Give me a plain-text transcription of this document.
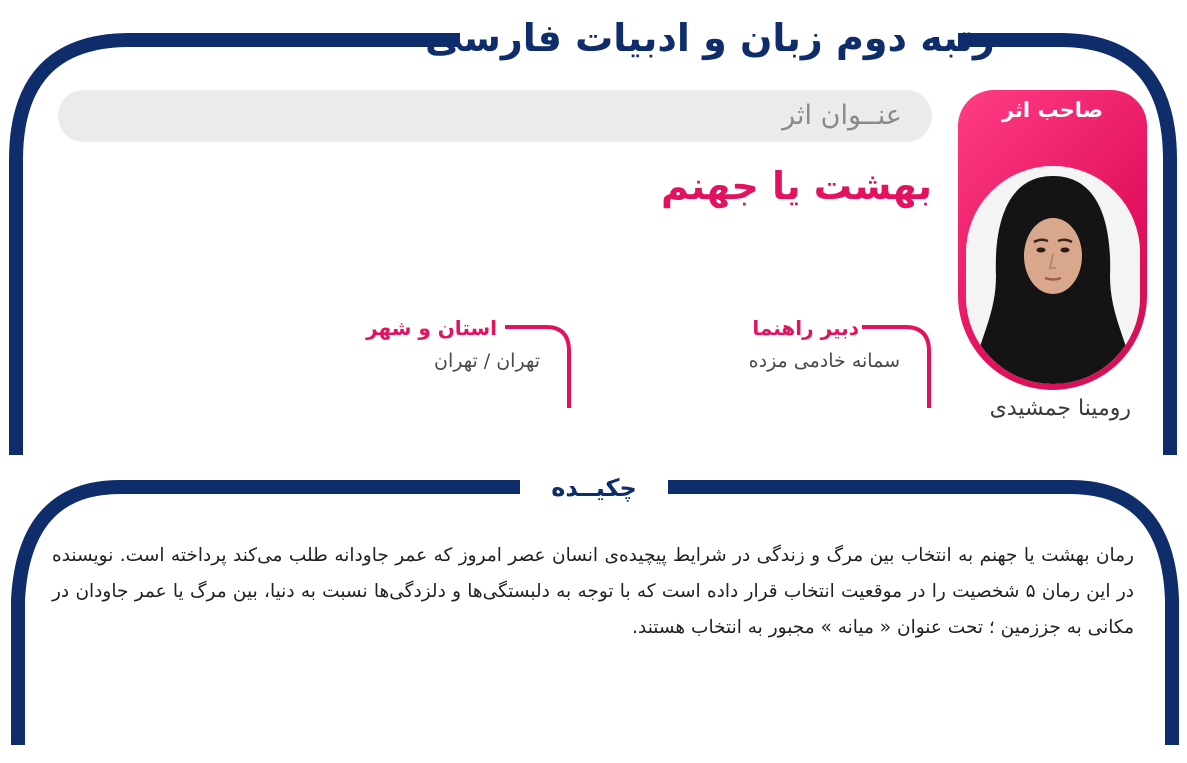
رتبه دوم زبان و ادبیات فارسی
عنــوان اثر
بهشت یا جهنم
صاحب اثر
رومینا جمشیدی
دبیر راهنما
سمانه خادمی مزده
استان و شهر
تهران / تهران
چکیــده
رمان بهشت یا جهنم به انتخاب بین مرگ و زندگی در شرایط پیچیده‌ی انسان عصر امروز که عمر جاودانه طلب می‌کند پرداخته است. نویسنده در این رمان ۵ شخصیت را در موقعیت انتخاب قرار داده است که با توجه به دلبستگی‌ها و دلزدگی‌ها نسبت به دنیا، بین مرگ یا عمر جاودان در مکانی به جززمین ؛ تحت عنوان « میانه » مجبور به انتخاب هستند.
